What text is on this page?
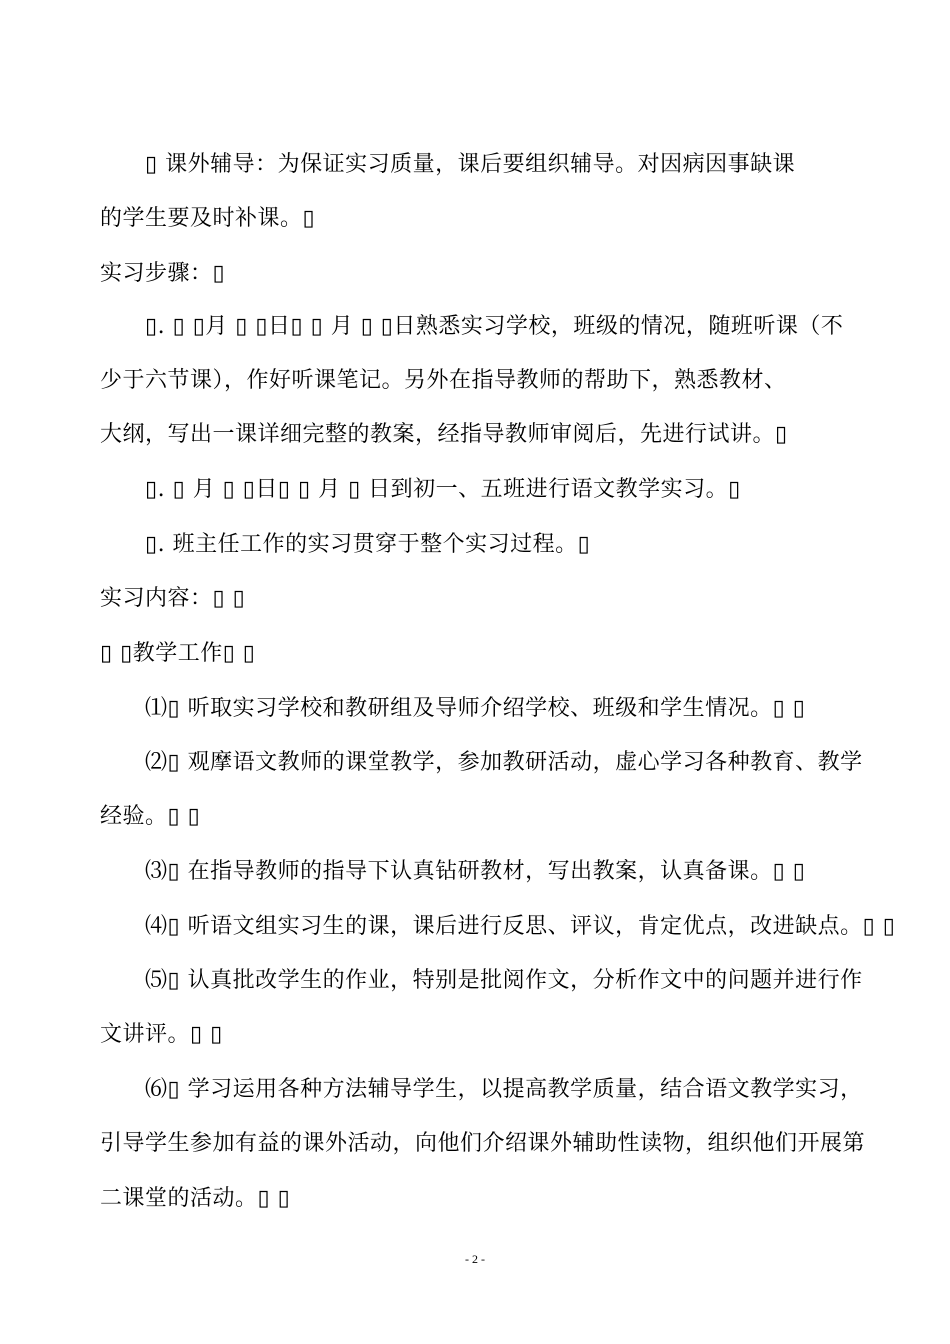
▯ 课外辅导：为保证实习质量，课后要组织辅导。对因病因事缺课
的学生要及时补课。▯
实习步骤：▯
▯. ▯ ▯月 ▯ ▯日▯ ▯ 月 ▯ ▯日熟悉实习学校，班级的情况，随班听课（不
少于六节课），作好听课笔记。另外在指导教师的帮助下，熟悉教材、
大纲，写出一课详细完整的教案，经指导教师审阅后，先进行试讲。▯
▯. ▯ 月 ▯ ▯日▯ ▯ 月 ▯ 日到初一、五班进行语文教学实习。▯
▯. 班主任工作的实习贯穿于整个实习过程。▯
实习内容：▯ ▯
▯ ▯教学工作▯ ▯
⑴▯ 听取实习学校和教研组及导师介绍学校、班级和学生情况。▯ ▯
⑵▯ 观摩语文教师的课堂教学，参加教研活动，虚心学习各种教育、教学
经验。▯ ▯
⑶▯ 在指导教师的指导下认真钻研教材，写出教案，认真备课。▯ ▯
⑷▯ 听语文组实习生的课，课后进行反思、评议，肯定优点，改进缺点。▯ ▯
⑸▯ 认真批改学生的作业，特别是批阅作文，分析作文中的问题并进行作
文讲评。▯ ▯
⑹▯ 学习运用各种方法辅导学生，以提高教学质量，结合语文教学实习，
引导学生参加有益的课外活动，向他们介绍课外辅助性读物，组织他们开展第
二课堂的活动。▯ ▯
- 2 -
